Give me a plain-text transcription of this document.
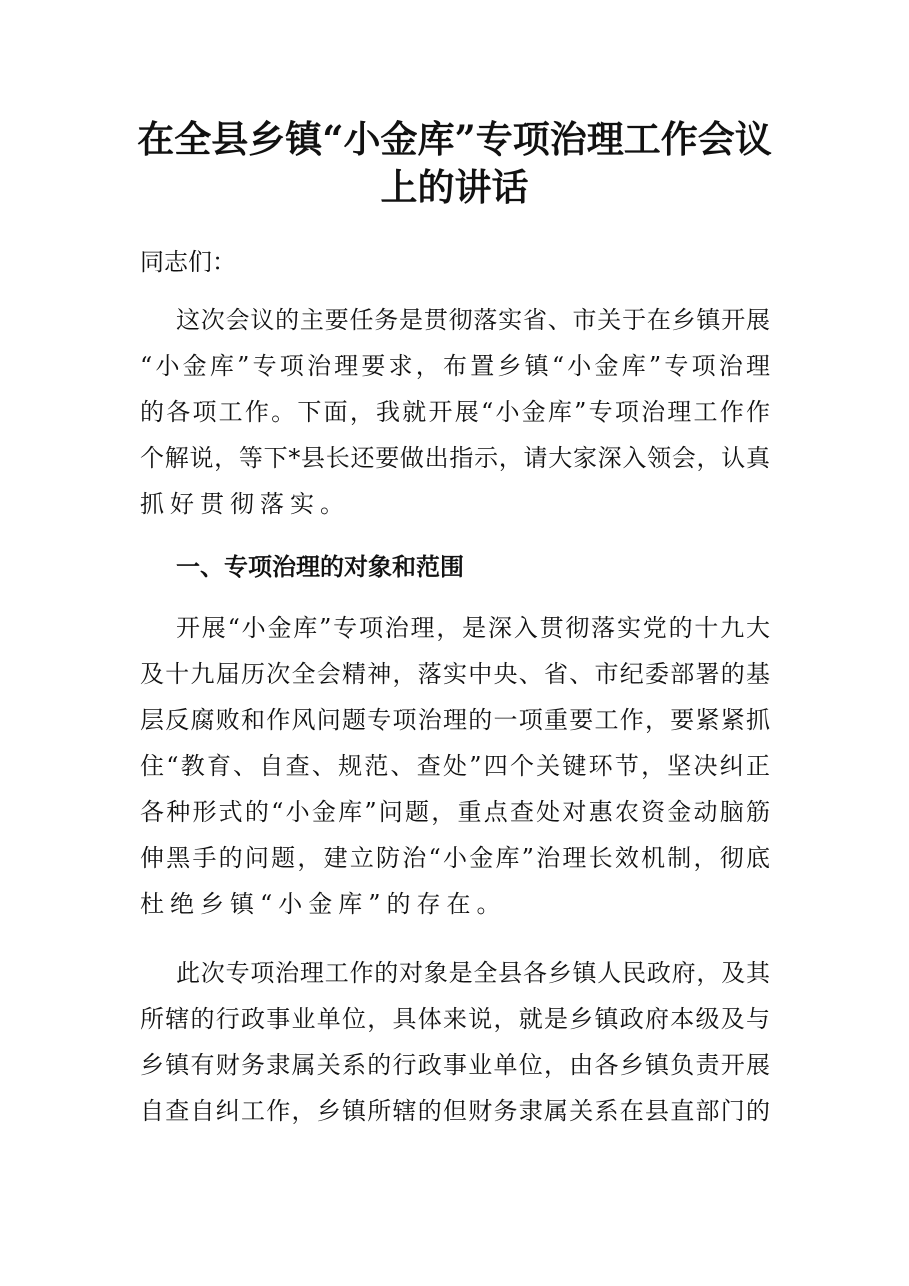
在全县乡镇“小金库”专项治理工作会议
上的讲话
同志们：
这次会议的主要任务是贯彻落实省、市关于在乡镇开展
“小金库”专项治理要求，布置乡镇“小金库”专项治理
的各项工作。下面，我就开展“小金库”专项治理工作作
个解说，等下*县长还要做出指示，请大家深入领会，认真
抓好贯彻落实。
一、专项治理的对象和范围
开展“小金库”专项治理，是深入贯彻落实党的十九大
及十九届历次全会精神，落实中央、省、市纪委部署的基
层反腐败和作风问题专项治理的一项重要工作，要紧紧抓
住“教育、自查、规范、查处”四个关键环节，坚决纠正
各种形式的“小金库”问题，重点查处对惠农资金动脑筋
伸黑手的问题，建立防治“小金库”治理长效机制，彻底
杜绝乡镇“小金库”的存在。
此次专项治理工作的对象是全县各乡镇人民政府，及其
所辖的行政事业单位，具体来说，就是乡镇政府本级及与
乡镇有财务隶属关系的行政事业单位，由各乡镇负责开展
自查自纠工作，乡镇所辖的但财务隶属关系在县直部门的
